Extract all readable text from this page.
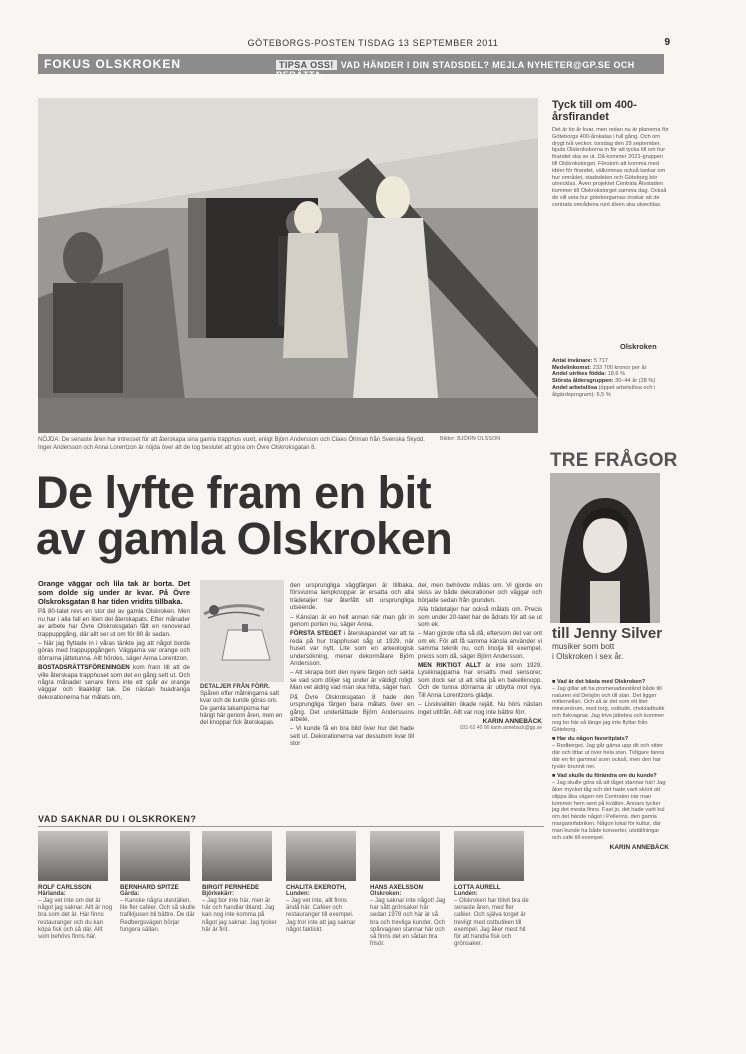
GÖTEBORGS-POSTEN TISDAG 13 SEPTEMBER 2011	9
FOKUS OLSKROKEN	TIPSA OSS! VAD HÄNDER I DIN STADSDEL? MEJLA NYHETER@GP.SE OCH BERÄTTA.
NÖJDA: De senaste åren har intresset för att återskapa sina gamla trapphus vuxit, enligt Björn Andersson och Claes Öhman från Svenska Skydd. Inger Andersson och Anna Lorentzon är nöjda över att de tog beslutet att göra om Övre Olskroksgatan 8.
Bilder: BJÖRN OLSSON
De lyfte fram en bit
av gamla Olskroken

Orange väggar och lila tak är borta. Det som dolde sig under är kvar. På Övre Olskroksgatan 8 har tiden vridits tillbaka.

På 80-talet revs en stor del av gamla Olskroken. Men nu har i alla fall en liten del återskapats. Efter månader av arbete har Övre Olskroksgatan fått en renoverad trappuppgång, där allt ser ut om för 80 år sedan.

– När jag flyttade in i våras tänkte jag att något borde göras med trappuppgången. Väggarna var orange och dörrarna jättetunna. Allt hördes, säger Anna Lorentzon.

BOSTADSRÄTTSFÖRENINGEN kom fram till att de ville återskapa trapphuset som det en gång sett ut. Och några månader senare finns inte ett spår av orange väggar och lilaaktigt tak. De nästan huadrariga dekorationerna har målats om,

DETALJER FRÅN FÖRR. Spåren efter målningarna satt kvar och de kunde göras om. De gamla takamporna har hängt här genom åren, men en del knoppar fick återskapas.

den ursprungliga väggfärgen är tillbaka, försvunna lampknoppar är ersatta och alla trädetaljer har återfått sitt ursprungliga utseende.

– Känslan är en helt annan när man går in genom porten nu, säger Anna.

FÖRSTA STEGET i återskapandet var att ta reda på hur trapphuset såg ut 1929, när huset var nytt. Lite som en arkeologisk undersökning, menar dekormålare Björn Andersson.

– Att skrapa bort den nyare färgen och sakta se vad som döljer sig under är väldigt roligt. Man vet aldrig vad man ska hitta, säger han.

På Övre Olskroksgatan 8 hade den ursprungliga färgen bara målats över en gång. Det underlättade Björn Anderssons arbete.

– Vi kunde få en bra bild över hur det hade sett ut. Dekorationerna var dessutom kvar till stor

del, men behövde målas om. Vi gjorde en skiss av både dekorationer och väggar och började sedan från grunden.

Alla trädetaljer har också målats om. Precis som under 20-talet har de ådrats för att se ut som ek.

– Man gjorde ofta så då, eftersom det var ont om ek. För att få samma känsla använder vi samma teknik nu, och linolja till exempel, precis som då, säger Björn Andersson.

MEN RIKTIGT ALLT är inte som 1929. Lyskknapparna har ersatts med sensorer, som dock ser ut att sitta på en bakeliknopp. Och de tunna dörrarna är utbytta mot nya. Till Anna Lorentzons glädje.

– Livskvalitén ökade rejält. Nu hörs nästan inget utifrån. Allt var nog inte bättre förr.

KARIN ANNEBÄCK
031-62 40 00 karin.anneback@gp.se
Tyck till om 400-årsfirandet
Det är tio år kvar, men redan nu är planerna för Göteborgs 400-årskalas i full gång. Och om drygt två veckor, torsdag den 29 september, bjuds Olskroksborna in för att tycka till om hur firandet ska se ut. Då kommer 2021-gruppen till Olskrokstorget. Förutom att komma med idéer för firandet, välkomnas också tankar om hur området, stadsdelen och Göteborg bör utvecklas. Även projektet Centrala Älvstaden kommer till Olskrokstorget samma dag. Också de vill veta hur göteborgarnas önskar att de centrala områdena runt älven ska utvecklas.
Olskroken
Antal invånare: 5 717
Medelinkomst: 233 700 kronor per år
Andel utrikes födda: 18,6 %
Största åldersgruppen: 30–44 år (28 %)
Andel arbetslösa (öppet arbetslösa och i åtgärdsprogram): 6,5 %
TRE FRÅGOR
till Jenny Silver
musiker som bott
i Olskroken i sex år.
■ Vad är det bästa med Olskroken?

– Jag gillar att ha promenadavstånd både till naturen vid Delsjön och till stan. Det ligger mittemellan. Och så är det som ett litet minicentrum, med torg, ostbutik, chokladbutik och fiskvagnar. Jag trivs jättebra och kommer nog bo här så länge jag inte flyttar från Göteborg.

■ Har du någon favoritplats?

– Redberget. Jag går gärna upp dit och sitter där och tittar ut över hela stan. Tidigare fanns där en fin gammal scen också, men den har tyvärr brunnit ner.

■ Vad skulle du förändra om du kunde?

– Jag skulle göra så att tåget stannar här! Jag åker mycket tåg och det hade varit skönt att slippa åka vägen om Centralen när man kommer hem sent på kvällen. Annars tycker jag det mesta finns. Fast jo, det hade varit kul om det hände något i Pellerins, den gamla margarinfabriken. Någon lokal för kultur, där man kunde ha både konserter, utställningar och café till exempel.

KARIN ANNEBÄCK
VAD SAKNAR DU I OLSKROKEN?
ROLF CARLSSON
Härlanda:
– Jag vet inte om det är något jag saknar. Allt är nog bra som det är. Här finns restauranger och du kan köpa fisk och så där. Allt som behövs finns här.
BERNHARD SPITZE
Gårda:
– Kanske några uteställen, lite fler caféer. Och så skulle trafikljusen bli bättre. De där Redbergsvägen börjar fungera sällan.
BIRGIT PERNHEDE
Björkekärr:
– Jag bor inte här, men är här och handlar ibland. Jag kan nog inte komma på något jag saknar. Jag tycker här är fint.
CHALITA EKEROTH,
Lunden:
– Jag vet inte, allt finns ändå här. Caféer och restauranger till exempel. Jag tror inte att jag saknar något faktiskt.
HANS AXELSSON
Olskroken:
– Jag saknar inte något! Jag har sått grönsaker här sedan 1978 och här är så bra och trevliga kunder. Och spårvagnen stannar här och så finns det en sådan bra frisör.
LOTTA AURELL
Lunden:
– Olskroken har blivit bra de senaste åren, med fler caféer. Och själva torget är trevligt med ostbutiken till exempel. Jag åker mest hit för att handla fisk och grönsaker.
